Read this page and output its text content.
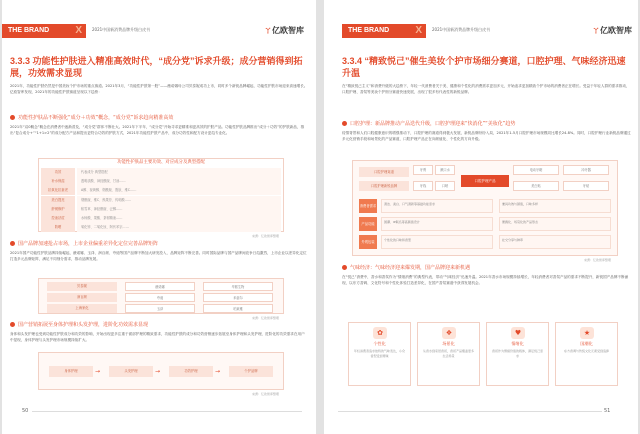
THE BRAND	X	2021中国新消费品牌升级白皮书	ㄚ亿欧智库
3.3.3 功能性护肤进入精准高效时代，“成分党”诉求升级；成分营销得到拓展，功效需求显现
2021年，功能性护肤仍然是中国美妆个护市场的重点赛道。2021年3月，“功能性护肤第一股”——薇诺娜母公司贝泰妮成功上市，同时多个新锐品牌崛起，功能性护肤市场迎来高速增长。亿欧智库发现，2021年的功能性护肤赛道呈现以下趋势：
功能性护肤品不断强化“成分＋功效”概念，“成分党”诉求趋向精准高效
2021年“双0概念”概念在消费者中逐渐普及，“成分党”群体不断壮大。2021年下半年，“成分党”开始寻求更精准和更高效的护肤产品。功能性护肤品牌推出“成分＋功效”的护肤新品，推出“复合成分+”“1+1>2”的成分配方产品和提出更符合功效的护肤方式，2021年功能性护肤产品中，成分功效性和配方设计更趋专业化。
功能性护肤品主要功效、对应成分及典型搭配
功效	代表成分 典型搭配
补水保湿	透明质酸、神经酰胺、甘油……
抗氧化抗衰老	A醇、视黄醇、烟酰胺、胜肽、维C……
美白提亮	烟酰胺、维C、熊果苷、传明酸……
舒缓修护	积雪草、神经酰胺、泛醇……
控油祛痘	水杨酸、果酸、茶树精油……
防晒	氧化锌、二氧化钛、阿伏苯宗……
来源：亿欧智库整理
国产品牌加速抢占市场，上市企业偏重差异化定位完善品牌矩阵
2021年国产功能性护肤品牌持续崛起，薇诺娜、玉泽、润百颜、夸迪等国产品牌不断加大研发投入，品牌矩阵不断完善。同时国际品牌与国产品牌间竞争日趋激烈，上市企业以差异化定位打造多元品牌矩阵，满足不同细分需求，推动品牌发展。
贝泰妮	薇诺娜	华熙生物
润百颜	夸迪	米蓓尔
上海家化	玉泽	珀莱雅
来源：亿欧智库整理
国产营销拓展至身体护理和头发护理，进阶化功效需求显现
身体和头发护理也受到功能性护肤成分和功效的影响，开始出现更多注重于面部护理的精致需求，功能性护肤的成分和功效营销逐步拓展至身体护理和头发护理，进阶化的功效需求在用户中显现，身体护理与头发护理市场规模持续扩大。
身体护理	→	头发护理	→	功效护理	→	个护品牌
来源：亿欧智库整理
50
THE BRAND	X	2021中国新消费品牌升级白皮书	ㄚ亿欧智库
3.3.4 “精致悦己”催生美妆个护市场细分赛道，口腔护理、气味经济迅速升温
在“精致悦己主义”和消费升级的大趋势下，年轻一代消费者关于美、健康和个性化的消费需求更加多元，开始追求更加精致个护市场的消费者正在增长。受益于年轻人群的需求推动，口腔护理、香氛等美妆个护细分赛道快速发展，出现了很多有代表性的新锐品牌。
口腔护理：新品牌推动产品迭代升级，口腔护理迎来“快消化”“美妆化”趋势
疫情背景和人们口腔健康意识的增强推动下，口腔护理的赛道得到极大发展，新锐品牌纷纷入局，2021年1-5月口腔护理市场规模同比增长24.8%。同时，口腔护理行业新锐品牌通过多元化营销手段和场景化的产品赛道，口腔护理产品正在向颜值化、个性化的方向升级。
口腔护理赛道
口腔护理新锐品牌
口腔护理产品
牙膏	漱口水	电动牙刷	冲牙器
牙线	口喷	美白贴	牙贴
消费者需求
产品功能
外观包装
清洁、美白、口气清新等基础功能需求	兼具功效与颜值，口味多样
国潮、IP联名等高颜值设计	便携化、场景化的产品形态
个性化的口味和香型	社交分享与种草
来源：亿欧智库整理
气味经济：气味经济迎来爆发期，国产品牌迎来新机遇
在“悦己”消费中，香水和香氛作为“情绪消费”的典型代表，带动“气味经济”迅速升温。2021年香水市场规模持续增长，年轻消费者对香氛产品的需求不断提升，新锐国产品牌不断涌现，以东方香调、文化符号和个性化体验打造差异化，在国产香氛赛道中获得发展机会。
✿
个性化
年轻消费者追求独特的气味表达，小众香型受到青睐
❖
场景化
从香水到家居香氛，香氛产品覆盖更多生活场景
♥
情绪化
香氛作为情绪价值的载体，满足悦己需求
★
国潮化
东方香调与传统文化元素受到追捧
51
